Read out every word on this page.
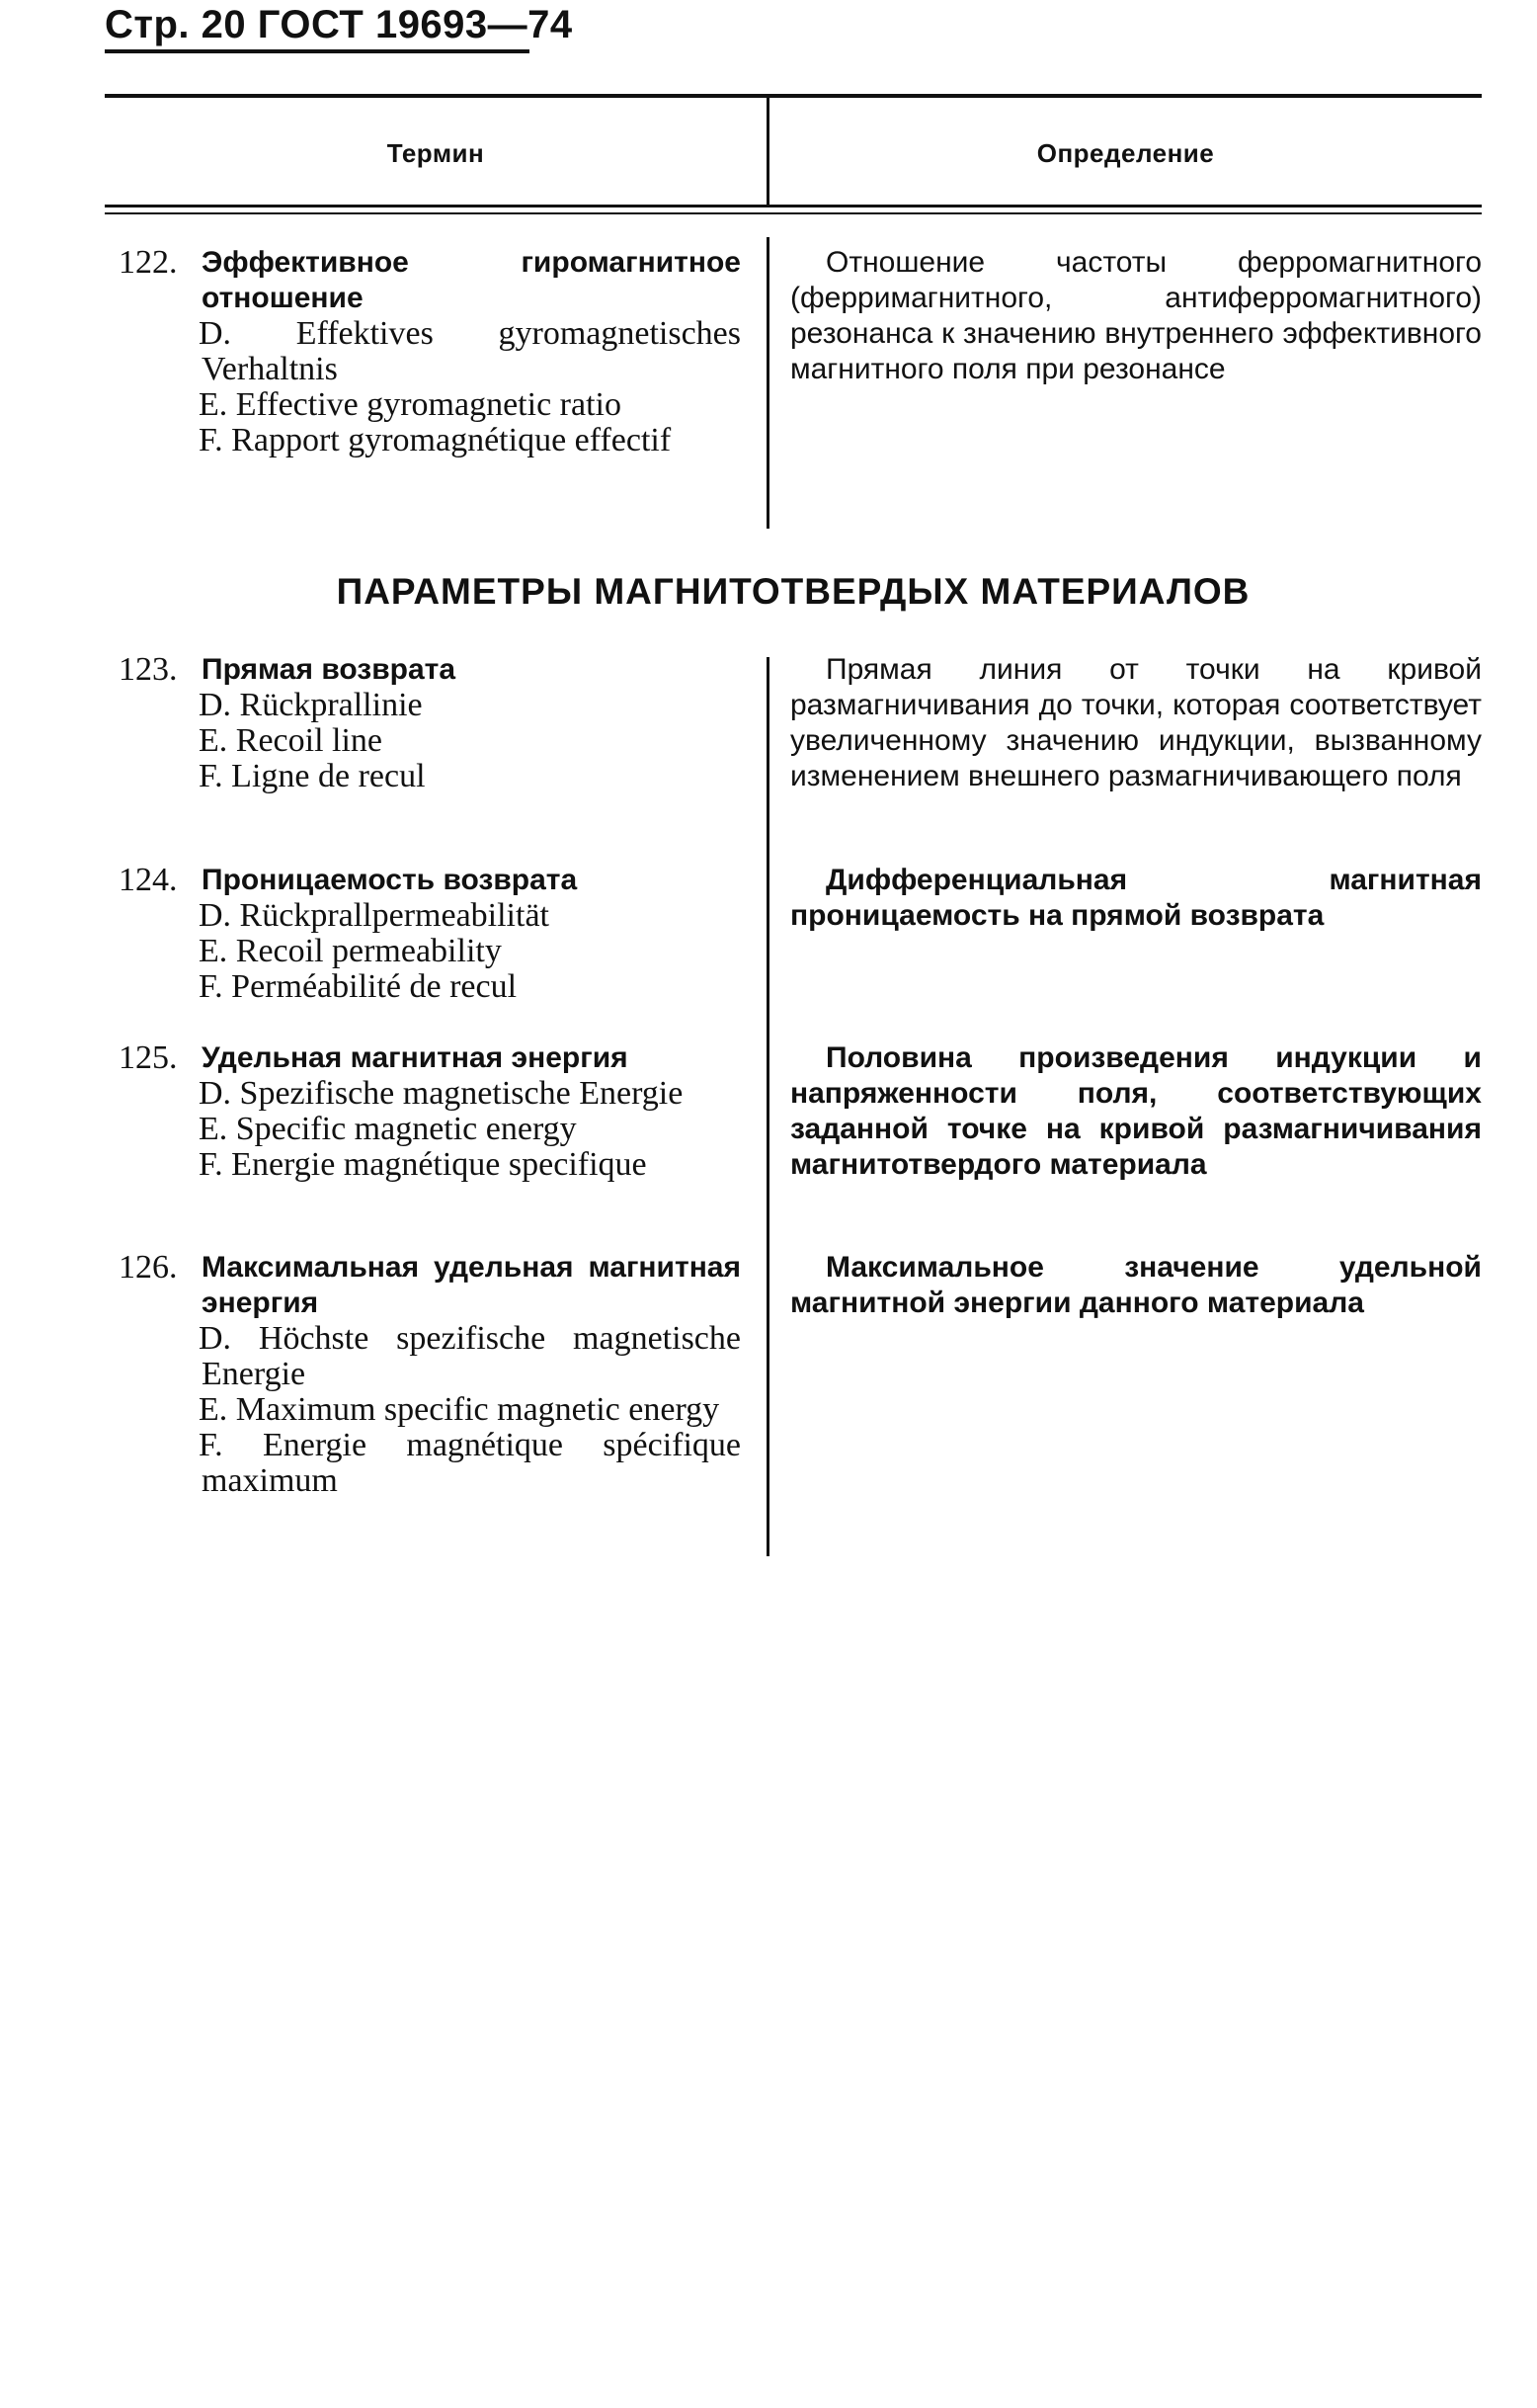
Стр. 20 ГОСТ 19693—74
Термин	Определение
122. Эффективное гиромагнитное отношение
D. Effektives gyromagnetisches Verhaltnis
E. Effective gyromagnetic ratio
F. Rapport gyromagnétique effectif
Отношение частоты ферромагнитного (ферримагнитного, антиферромагнитного) резонанса к значению внутреннего эффективного магнитного поля при резонансе
ПАРАМЕТРЫ МАГНИТОТВЕРДЫХ МАТЕРИАЛОВ
123. Прямая возврата
D. Rückprallinie
E. Recoil line
F. Ligne de recul
Прямая линия от точки на кривой размагничивания до точки, которая соответствует увеличенному значению индукции, вызванному изменением внешнего размагничивающего поля
124. Проницаемость возврата
D. Rückprallpermeabilität
E. Recoil permeability
F. Perméabilité de recul
Дифференциальная магнитная проницаемость на прямой возврата
125. Удельная магнитная энергия
D. Spezifische magnetische Energie
E. Specific magnetic energy
F. Energie magnétique specifique
Половина произведения индукции и напряженности поля, соответствующих заданной точке на кривой размагничивания магнитотвердого материала
126. Максимальная удельная магнитная энергия
D. Höchste spezifische magnetische Energie
E. Maximum specific magnetic energy
F. Energie magnétique spécifique maximum
Максимальное значение удельной магнитной энергии данного материала
